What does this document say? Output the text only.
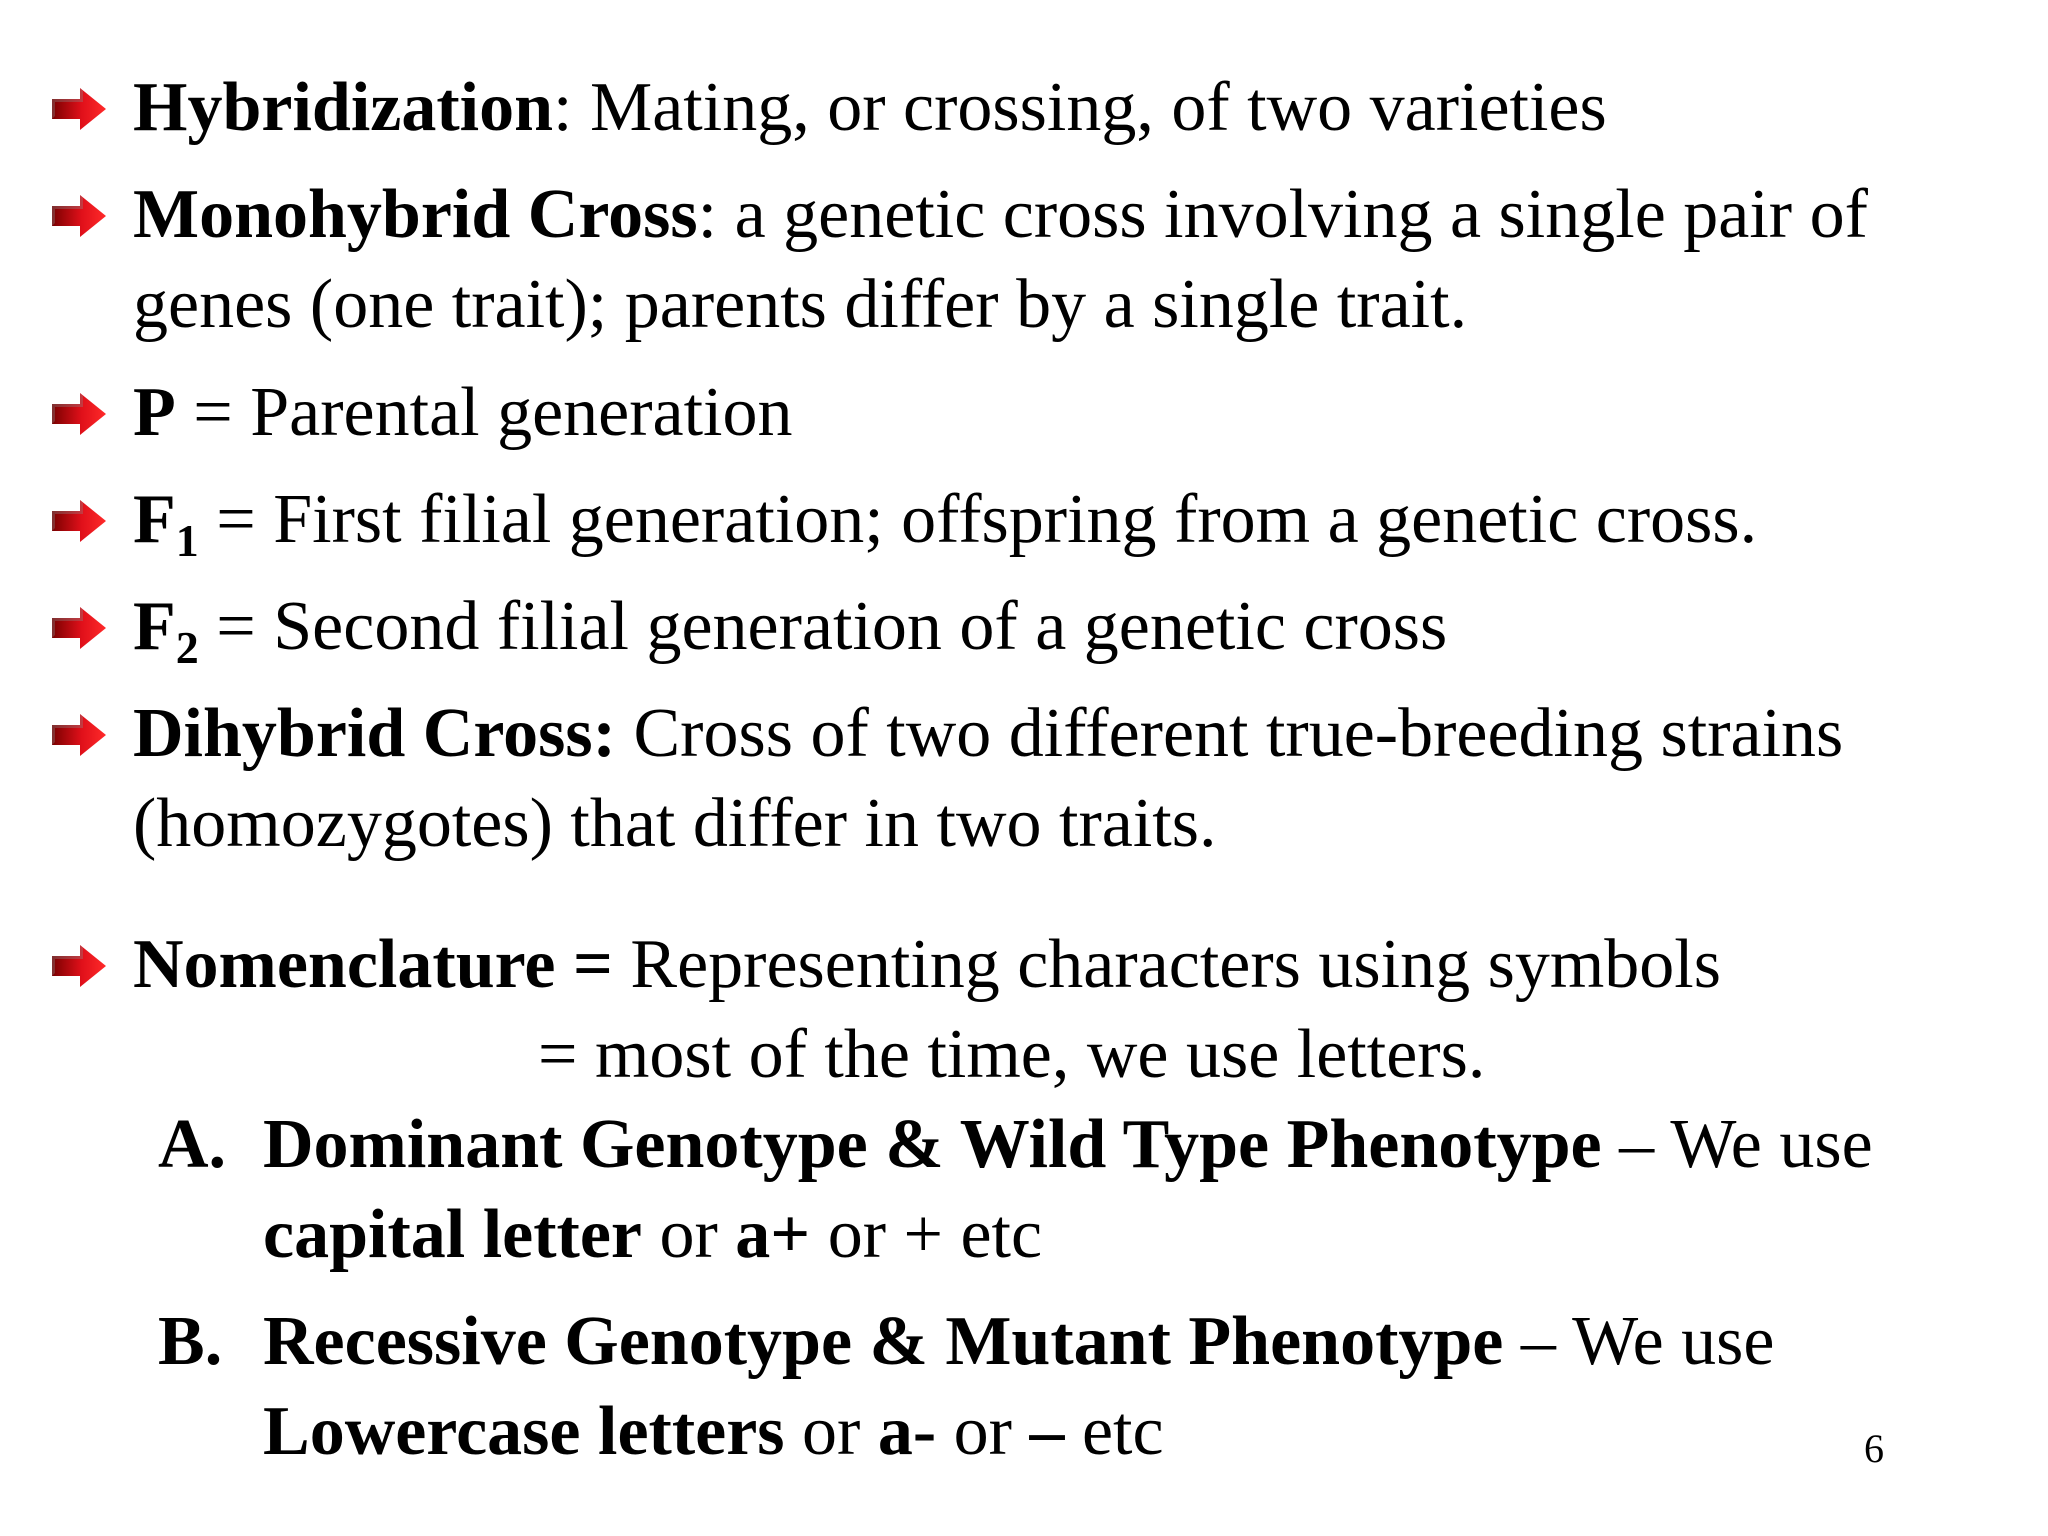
Hybridization: Mating, or crossing, of two varieties
Monohybrid Cross: a genetic cross involving a single pair of
genes (one trait); parents differ by a single trait.
P = Parental generation
$F_1$ = First filial generation; offspring from a genetic cross.
$F_2$ = Second filial generation of a genetic cross
Dihybrid Cross: Cross of two different true-breeding strains
(homozygotes) that differ in two traits.
Nomenclature = Representing characters using symbols
= most of the time, we use letters.
A. Dominant Genotype & Wild Type Phenotype – We use
capital letter or a+ or + etc
B. Recessive Genotype & Mutant Phenotype – We use
Lowercase letters or a- or – etc	6
